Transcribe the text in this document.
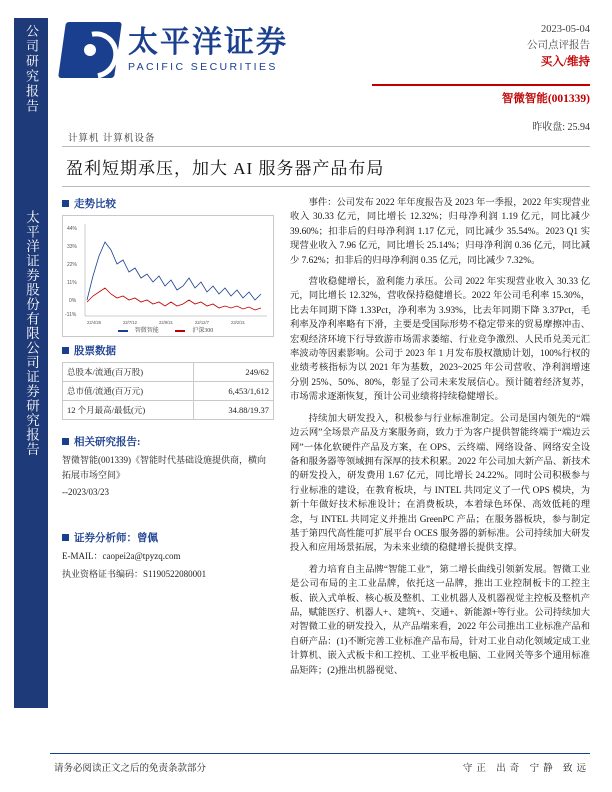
公司研究报告
太平洋证券股份有限公司证券研究报告
太平洋证券
PACIFIC SECURITIES
2023-05-04
公司点评报告
买入/维持
智微智能(001339)
昨收盘: 25.94
计算机 计算机设备
盈利短期承压，加大 AI 服务器产品布局
走势比较
44%
33%
22%
11%
0%
-11%
22/4/28	22/7/12	22/9/21	22/12/7	23/2/21
智微智能	沪深300
股票数据
总股本/流通(百万股)	249/62
总市值/流通(百万元)	6,453/1,612
12 个月最高/最低(元)	34.88/19.37
相关研究报告:
智微智能(001339)《智能时代基础设施提供商，横向拓展市场空间》
--2023/03/23
证券分析师：曾佩
E-MAIL：caopei2a@tpyzq.com
执业资格证书编码：S1190522080001

事件：公司发布 2022 年年度报告及 2023 年一季报，2022 年实现营业收入 30.33 亿元，同比增长 12.32%；归母净利润 1.19 亿元，同比减少 39.60%；扣非后的归母净利润 1.17 亿元，同比减少 35.54%。2023 Q1 实现营业收入 7.96 亿元，同比增长 25.14%；归母净利润 0.36 亿元，同比减少 7.62%；扣非后的归母净利润 0.35 亿元，同比减少 7.32%。

营收稳健增长，盈利能力承压。公司 2022 年实现营业收入 30.33 亿元，同比增长 12.32%，营收保持稳健增长。2022 年公司毛利率 15.30%，比去年同期下降 1.33Pct，净利率为 3.93%，比去年同期下降 3.37Pct，毛利率及净利率略有下滑，主要是受国际形势不稳定带来的贸易摩擦冲击、宏观经济环境下行导致游市场需求萎缩、行业竞争激烈、人民币兑美元汇率波动等因素影响。公司于 2023 年 1 月发布股权激励计划，100%行权的业绩考核指标为以 2021 年为基数，2023~2025 年公司营收、净利润增速分别 25%、50%、80%，彰显了公司未来发展信心。预计随着经济复苏，市场需求逐渐恢复，预计公司业绩将持续稳健增长。

持续加大研发投入，积极参与行业标准制定。公司是国内领先的“端边云网”全场景产品及方案服务商，致力于为客户提供智能终端于“端边云网”一体化软硬件产品及方案，在 OPS、云终端、网络设备、网络安全设备和服务器等领域拥有深厚的技术积累。2022 年公司加大新产品、新技术的研发投入，研发费用 1.67 亿元，同比增长 24.22%。同时公司积极参与行业标准的建设，在教育板块，与 INTEL 共同定义了一代 OPS 模块，为新十年做好技术标准设计；在消费板块，本着绿色环保、高效低耗的理念，与 INTEL 共同定义并推出 GreenPC 产品；在服务器板块，参与制定基于第四代高性能可扩展平台 OCES 服务器的新标准。公司持续加大研发投入和应用场景拓展，为未来业绩的稳健增长提供支撑。

着力培育自主品牌“智能工业”，第二增长曲线引领新发展。智微工业是公司布局的主工业品牌，依托这一品牌，推出工业控制板卡的工控主板、嵌入式单板、核心板及整机、工业机器人及机器视觉主控板及整机产品，赋能医疗、机器人+、建筑+、交通+、新能源+等行业。公司持续加大对智微工业的研发投入，从产品端来看，2022 年公司推出工业标准产品和自研产品：(1)不断完善工业标准产品布局，针对工业自动化领域定成工业计算机、嵌入式板卡和工控机、工业平板电脑、工业网关等多个通用标准品矩阵；(2)推出机器视觉、

请务必阅读正文之后的免责条款部分	守正 出奇 宁静 致远
